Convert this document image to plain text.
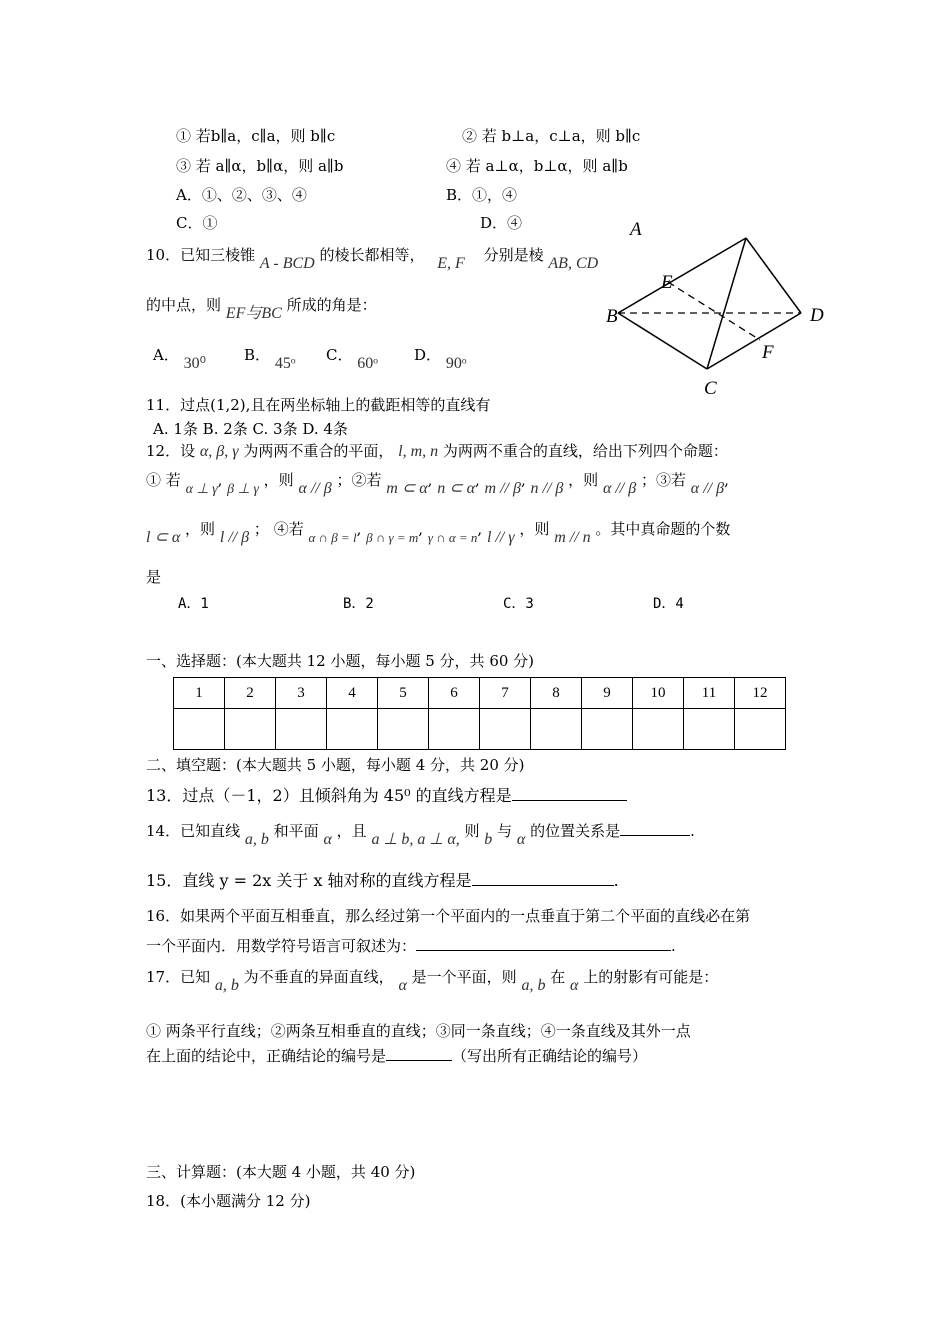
① 若b∥a，c∥a，则 b∥c	② 若 b⊥a，c⊥a，则 b∥c
③ 若 a∥α，b∥α，则 a∥b	④ 若 a⊥α，b⊥α，则 a∥b
A．①、②、③、④	B．①，④
C．①	D．④
10．已知三棱锥 A - BCD 的棱长都相等， E, F 分别是棱 AB, CD
的中点，则 EF与BC 所成的角是：
A． 30⁰	B． 45ᵒ C． 60ᵒ D． 90ᵒ
A
B
C
D
E
F
11．过点(1,2),且在两坐标轴上的截距相等的直线有
A. 1条 B. 2条 C. 3条 D. 4条
12．设 α, β, γ 为两两不重合的平面， l, m, n 为两两不重合的直线，给出下列四个命题：
① 若 α ⊥ γ, β ⊥ γ ，则 α // β ；②若 m ⊂ α, n ⊂ α, m // β, n // β ，则 α // β ；③若 α // β,
l ⊂ α ，则 l // β ； ④若 α ∩ β = l, β ∩ γ = m, γ ∩ α = n, l // γ ，则 m // n 。其中真命题的个数
是
A．1	B．2	C．3	D．4
一、选择题：(本大题共 12 小题，每小题 5 分，共 60 分)
1	2	3	4	5	6	7	8	9	10	11	12

二、填空题：(本大题共 5 小题，每小题 4 分，共 20 分)
13．过点（－1，2）且倾斜角为 45⁰ 的直线方程是
14．已知直线 a, b 和平面 α ，且 a ⊥ b, a ⊥ α, 则 b 与 α 的位置关系是	.
15．直线 y = 2x 关于 x 轴对称的直线方程是	.
16．如果两个平面互相垂直，那么经过第一个平面内的一点垂直于第二个平面的直线必在第
一个平面内．用数学符号语言可叙述为：	.
17．已知 a, b 为不垂直的异面直线， α 是一个平面，则 a, b 在 α 上的射影有可能是：
① 两条平行直线；②两条互相垂直的直线；③同一条直线；④一条直线及其外一点
在上面的结论中，正确结论的编号是	（写出所有正确结论的编号）
三、计算题：(本大题 4 小题，共 40 分)
18．(本小题满分 12 分)
